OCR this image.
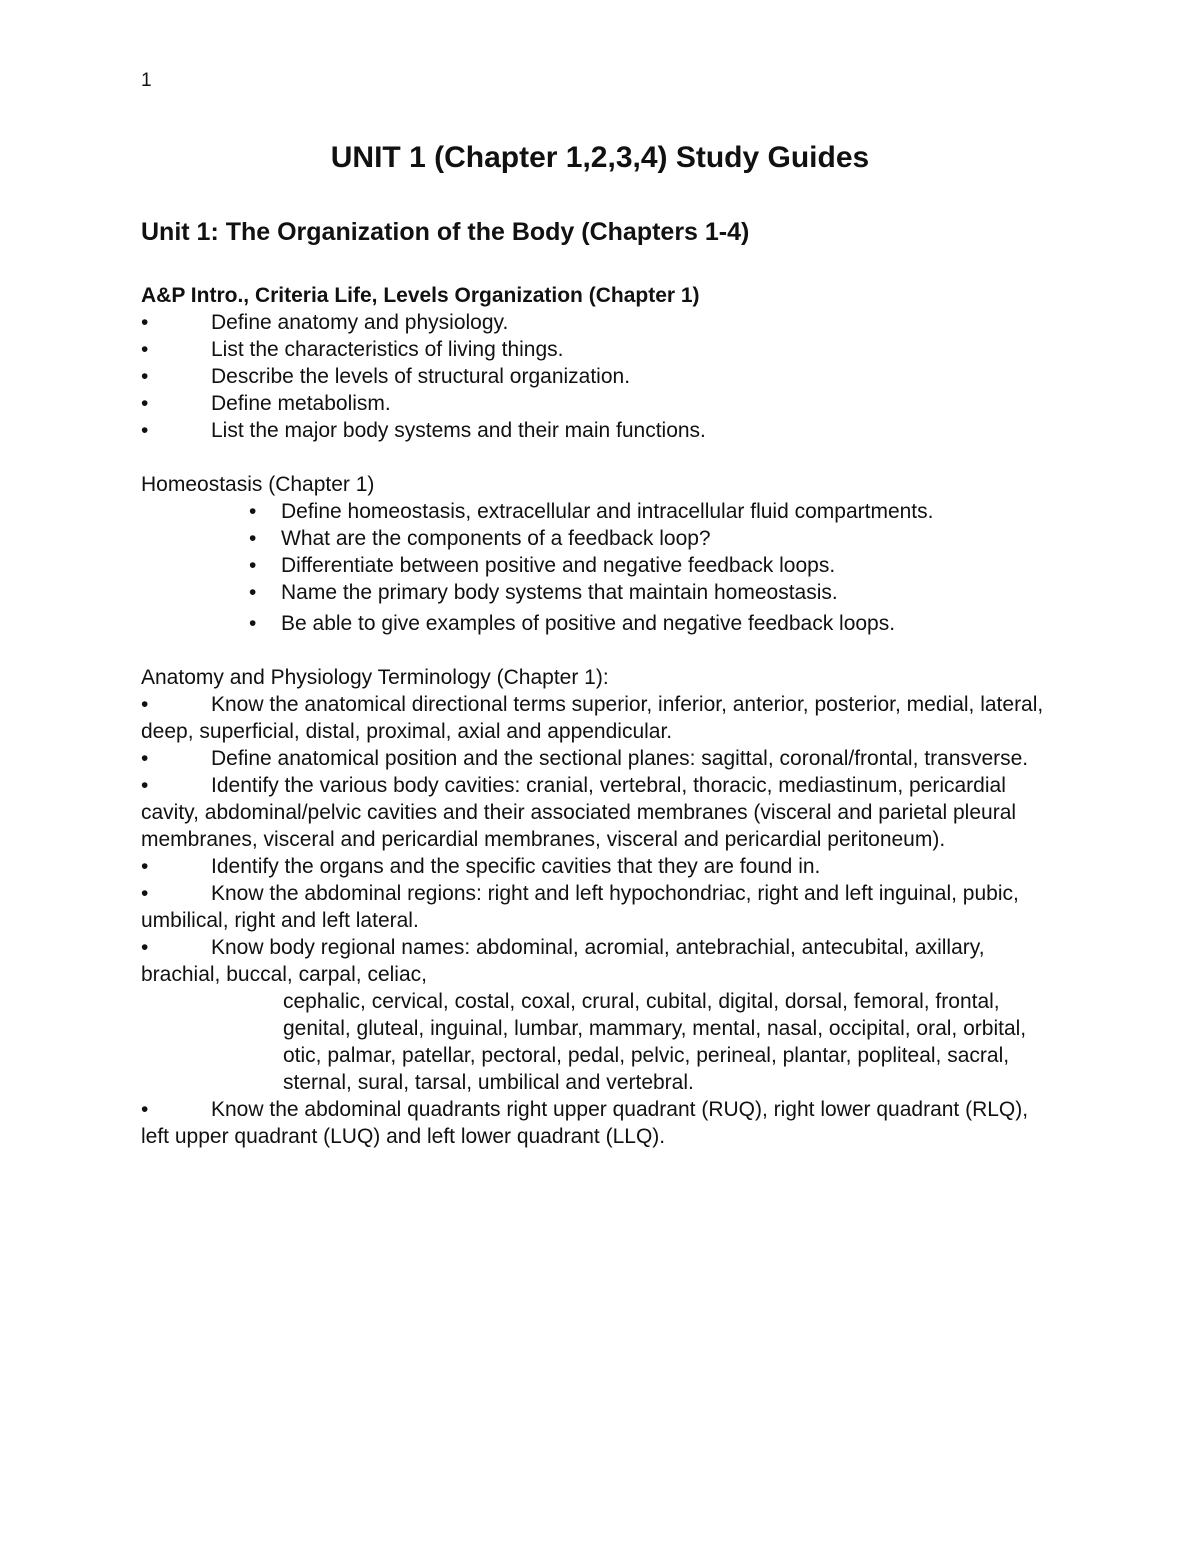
1
UNIT 1 (Chapter 1,2,3,4) Study Guides
Unit 1: The Organization of the Body (Chapters 1-4)

A&P Intro., Criteria Life, Levels Organization (Chapter 1)

•	Define anatomy and physiology.
•	List the characteristics of living things.
•	Describe the levels of structural organization.
•	Define metabolism.
•	List the major body systems and their main functions.

Homeostasis (Chapter 1)

• Define homeostasis, extracellular and intracellular fluid compartments.
• What are the components of a feedback loop?
• Differentiate between positive and negative feedback loops.
• Name the primary body systems that maintain homeostasis.
• Be able to give examples of positive and negative feedback loops.

Anatomy and Physiology Terminology (Chapter 1):

•	Know the anatomical directional terms superior, inferior, anterior, posterior, medial, lateral, deep, superficial, distal, proximal, axial and appendicular.
•	Define anatomical position and the sectional planes: sagittal, coronal/frontal, transverse.
•	Identify the various body cavities: cranial, vertebral, thoracic, mediastinum, pericardial cavity, abdominal/pelvic cavities and their associated membranes (visceral and parietal pleural membranes, visceral and pericardial membranes, visceral and pericardial peritoneum).
•	Identify the organs and the specific cavities that they are found in.
•	Know the abdominal regions: right and left hypochondriac, right and left inguinal, pubic, umbilical, right and left lateral.
•	Know body regional names: abdominal, acromial, antebrachial, antecubital, axillary, brachial, buccal, carpal, celiac,
cephalic, cervical, costal, coxal, crural, cubital, digital, dorsal, femoral, frontal, genital, gluteal, inguinal, lumbar, mammary, mental, nasal, occipital, oral, orbital, otic, palmar, patellar, pectoral, pedal, pelvic, perineal, plantar, popliteal, sacral, sternal, sural, tarsal, umbilical and vertebral.
•	Know the abdominal quadrants right upper quadrant (RUQ), right lower quadrant (RLQ), left upper quadrant (LUQ) and left lower quadrant (LLQ).
